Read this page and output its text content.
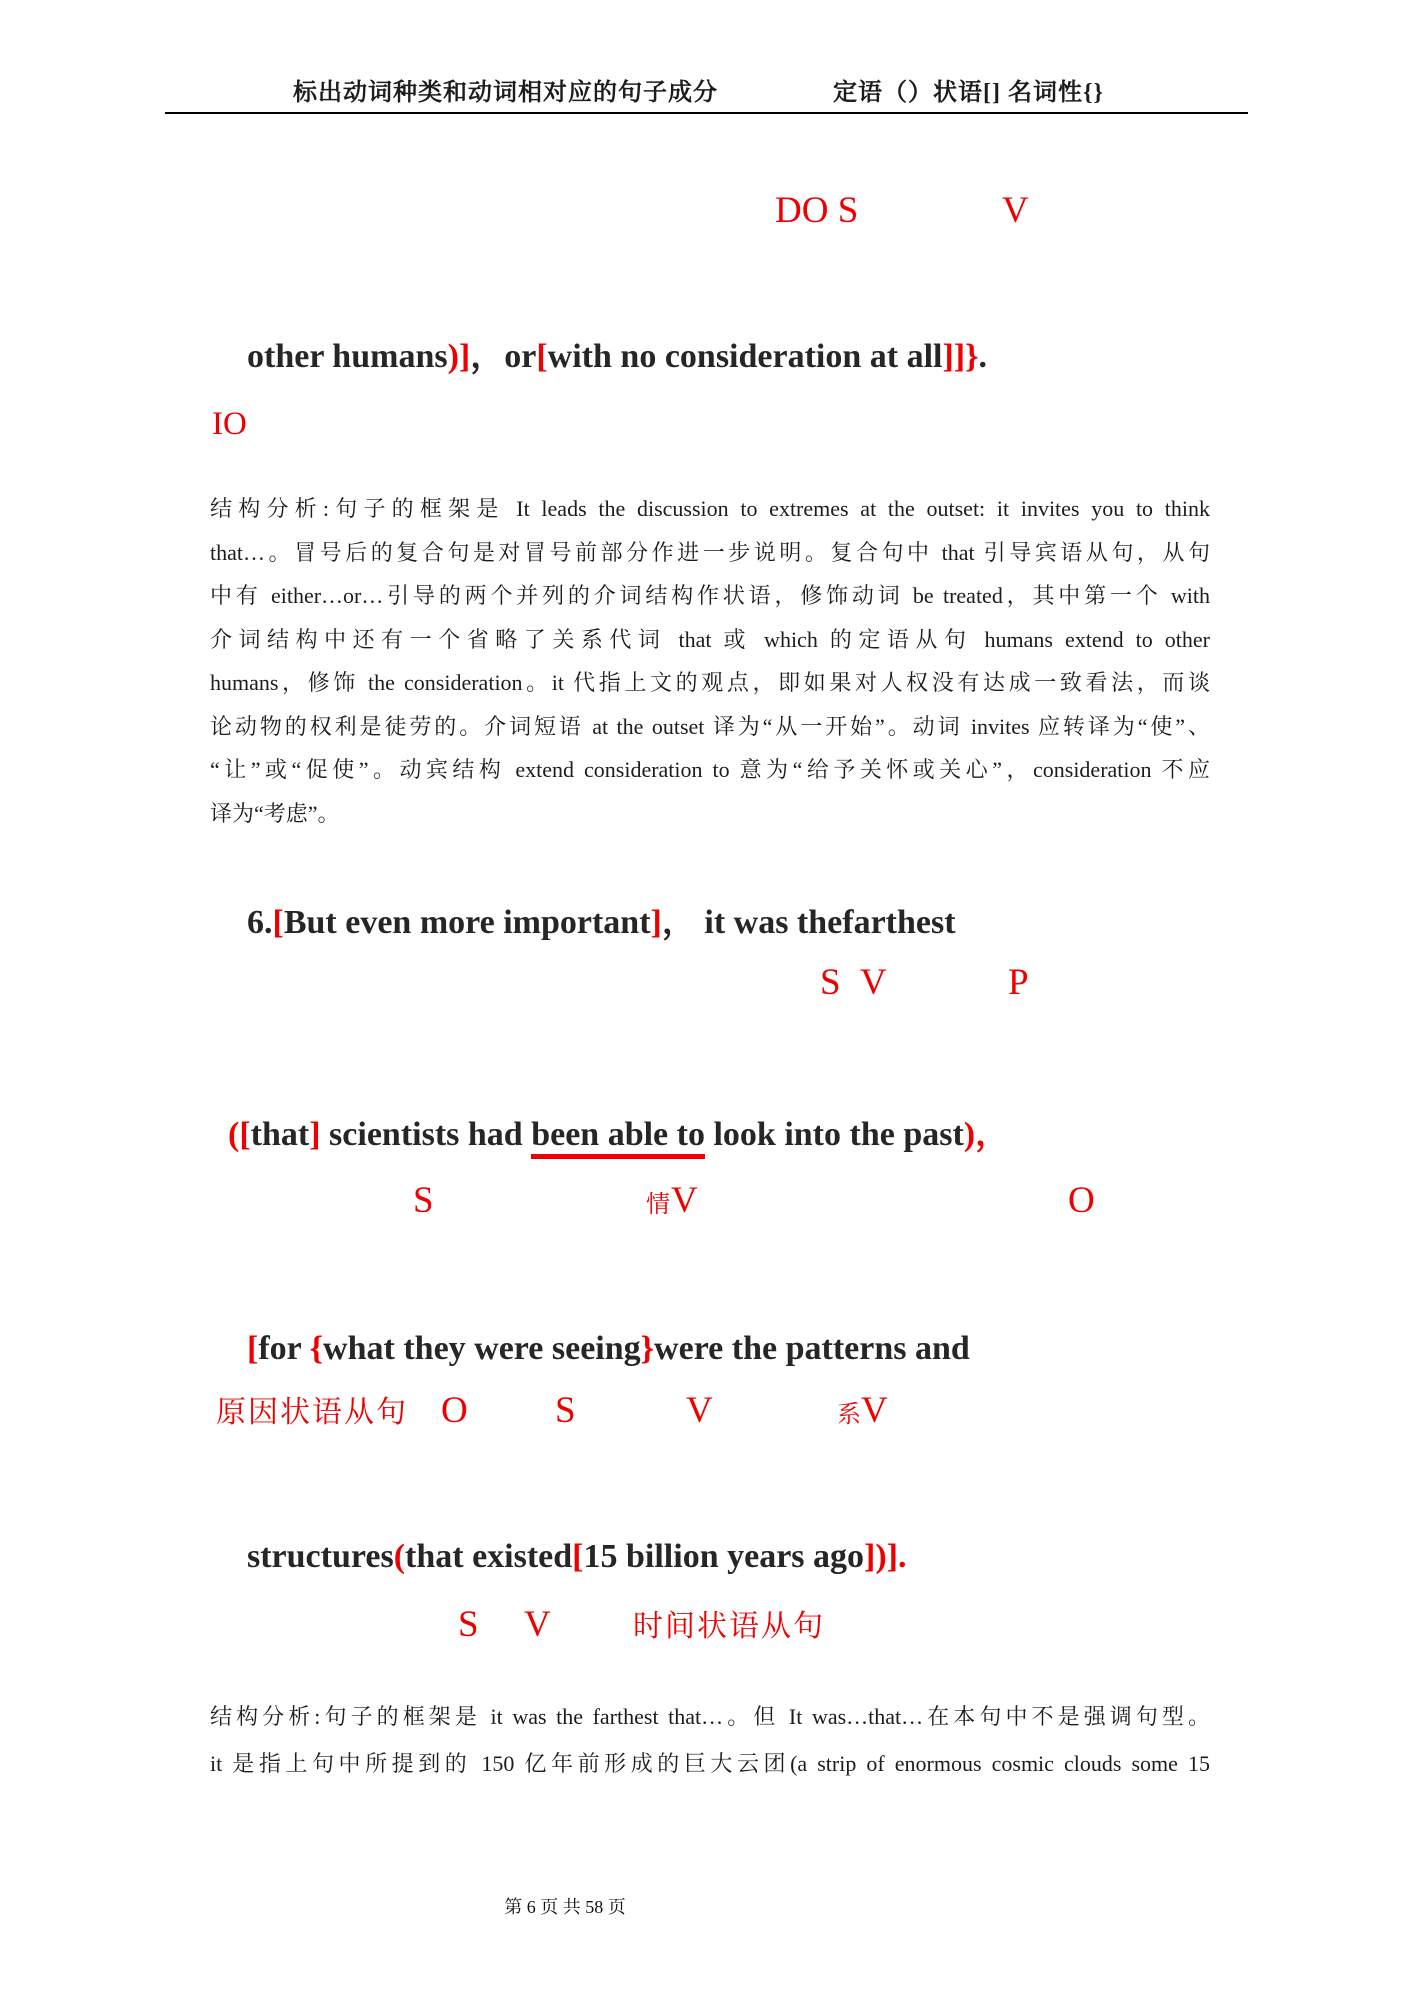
标出动词种类和动词相对应的句子成分	定语（）状语[] 名词性{}
DO S	V

other humans)]，or[with no consideration at all]]}.

IO
结构分析:句子的框架是 It leads the discussion to extremes at the outset: it invites you to think
that…。冒号后的复合句是对冒号前部分作进一步说明。复合句中 that 引导宾语从句，从句
中有 either…or…引导的两个并列的介词结构作状语，修饰动词 be treated，其中第一个 with
介词结构中还有一个省略了关系代词 that 或 which 的定语从句 humans extend to other
humans，修饰 the consideration。it 代指上文的观点，即如果对人权没有达成一致看法，而谈
论动物的权利是徒劳的。介词短语 at the outset 译为“从一开始”。动词 invites 应转译为“使”、
“让”或“促使”。动宾结构 extend consideration to 意为“给予关怀或关心”，consideration 不应
译为“考虑”。

6.[But even more important]， it was thefarthest

S V	P

([that] scientists had been able to look into the past)，

S	情 V	O

[for {what they were seeing}were the patterns and

原因状语从句 O S	V	系 V

structures(that existed[15 billion years ago])].

S V	时间状语从句
结构分析:句子的框架是 it was the farthest that…。但 It was…that…在本句中不是强调句型。
it 是指上句中所提到的 150 亿年前形成的巨大云团(a strip of enormous cosmic clouds some 15
第 6 页 共 58 页
